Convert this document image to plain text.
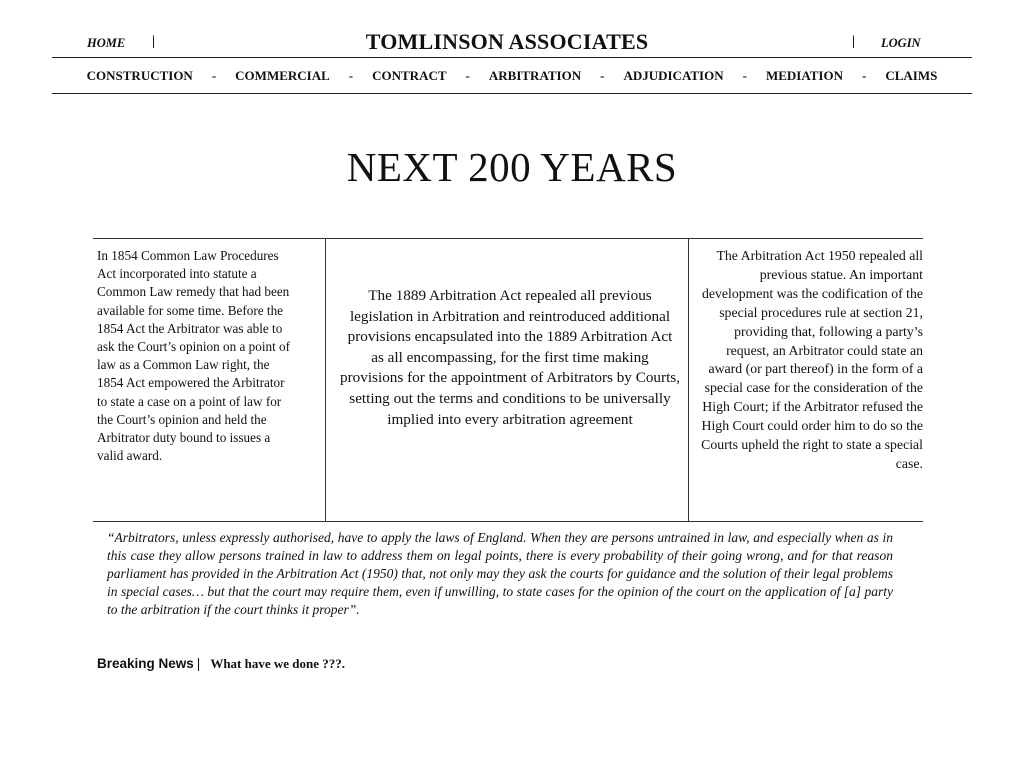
HOME |	TOMLINSON ASSOCIATES	| LOGIN
CONSTRUCTION - COMMERCIAL - CONTRACT - ARBITRATION - ADJUDICATION - MEDIATION - CLAIMS
NEXT 200 YEARS
In 1854 Common Law Procedures Act incorporated into statute a Common Law remedy that had been available for some time. Before the 1854 Act the Arbitrator was able to ask the Court’s opinion on a point of law as a Common Law right, the 1854 Act empowered the Arbitrator to state a case on a point of law for the Court’s opinion and held the Arbitrator duty bound to issues a valid award.
The 1889 Arbitration Act repealed all previous legislation in Arbitration and reintroduced additional provisions encapsulated into the 1889 Arbitration Act as all encompassing, for the first time making provisions for the appointment of Arbitrators by Courts, setting out the terms and conditions to be universally implied into every arbitration agreement
The Arbitration Act 1950 repealed all previous statue. An important development was the codification of the special procedures rule at section 21, providing that, following a party’s request, an Arbitrator could state an award (or part thereof) in the form of a special case for the consideration of the High Court; if the Arbitrator refused the High Court could order him to do so the Courts upheld the right to state a special case.
“Arbitrators, unless expressly authorised, have to apply the laws of England. When they are persons untrained in law, and especially when as in this case they allow persons trained in law to address them on legal points, there is every probability of their going wrong, and for that reason parliament has provided in the Arbitration Act (1950) that, not only may they ask the courts for guidance and the solution of their legal problems in special cases… but that the court may require them, even if unwilling, to state cases for the opinion of the court on the application of [a] party to the arbitration if the court thinks it proper”.
Breaking News | What have we done ???.
